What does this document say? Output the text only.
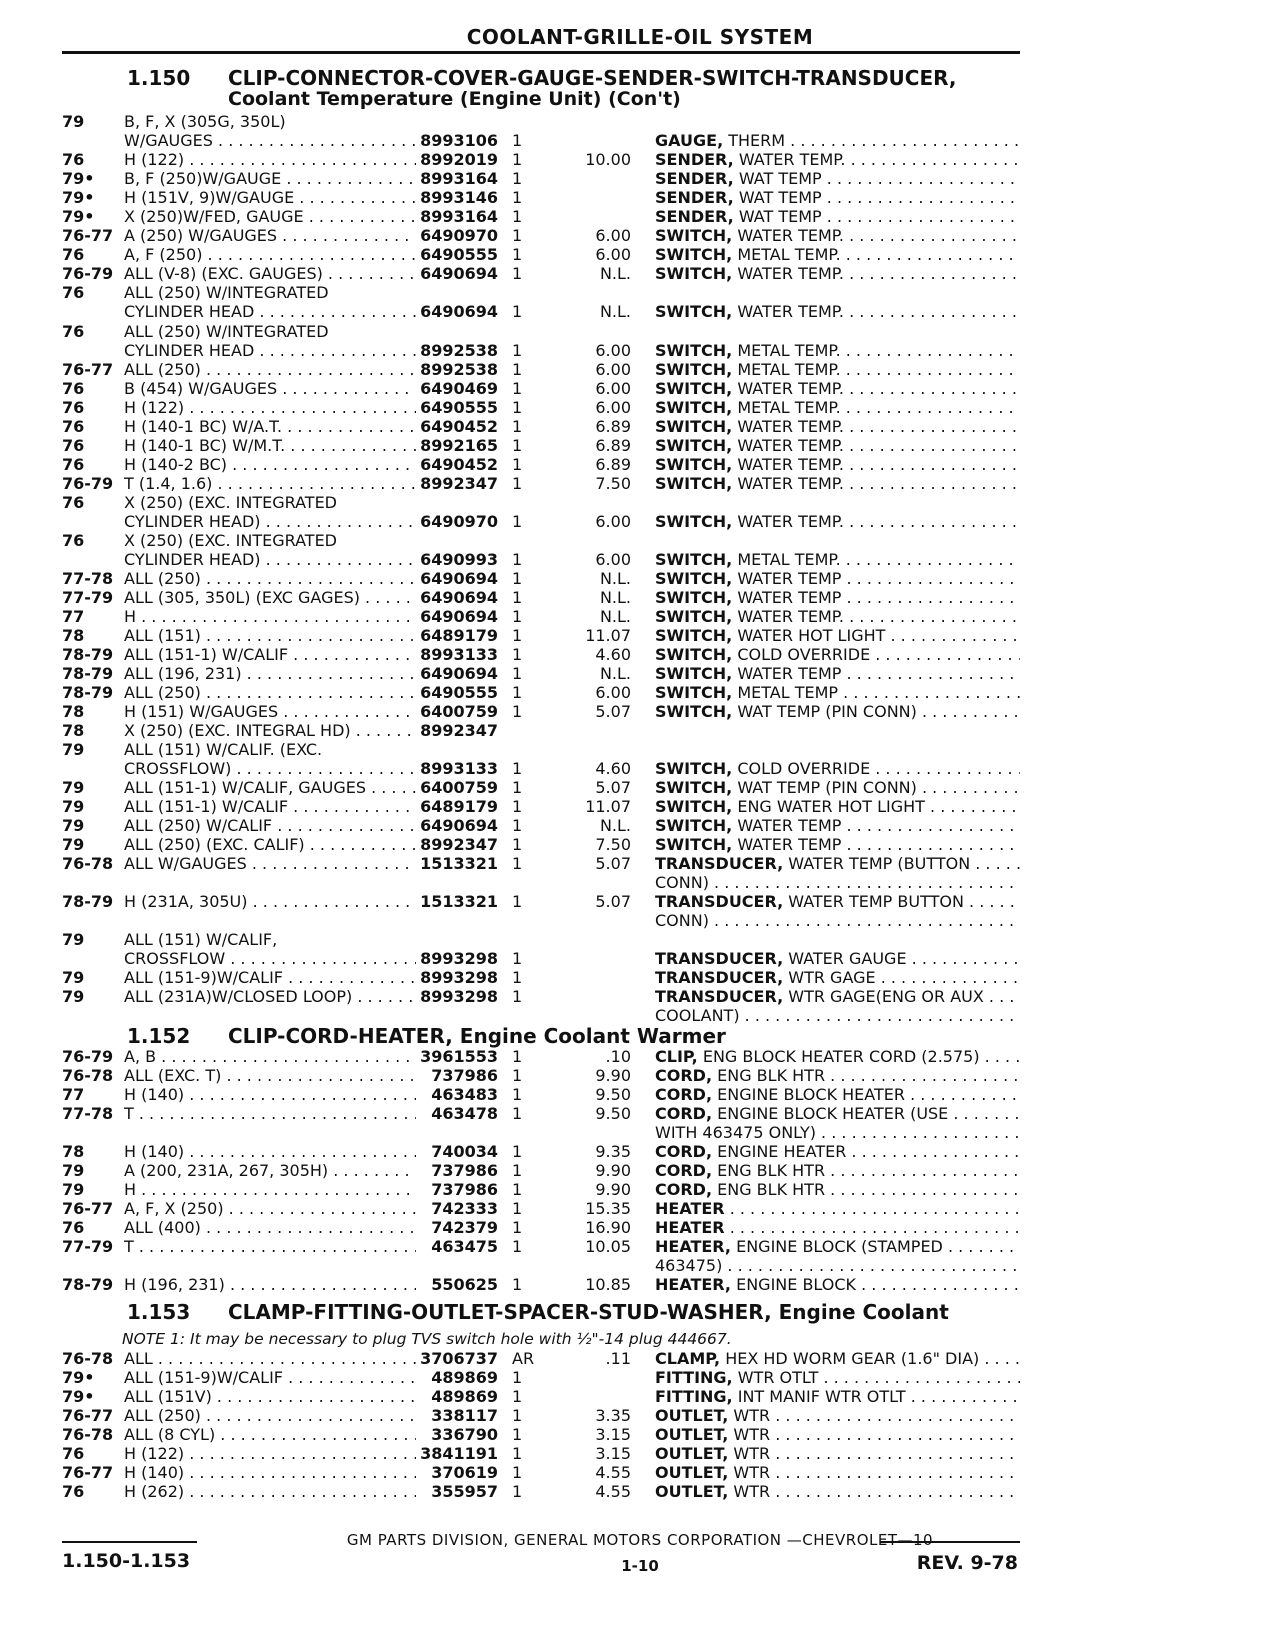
COOLANT-GRILLE-OIL SYSTEM
1.150 CLIP-CONNECTOR-COVER-GAUGE-SENDER-SWITCH-TRANSDUCER,
Coolant Temperature (Engine Unit) (Con't)
1.152 CLIP-CORD-HEATER, Engine Coolant Warmer
1.153 CLAMP-FITTING-OUTLET-SPACER-STUD-WASHER, Engine Coolant
NOTE 1: It may be necessary to plug TVS switch hole with ½"-14 plug 444667.
79 B, F, X (305G, 350L)
W/GAUGES . . .	8993106 1	GAUGE, THERM . . .
76 H (122) . . .	8992019 1	10.00 SENDER, WATER TEMP. . . .
79• B, F (250)W/GAUGE . . .	8993164 1	SENDER, WAT TEMP . . .
79• H (151V, 9)W/GAUGE . . .	8993146 1	SENDER, WAT TEMP . . .
79• X (250)W/FED, GAUGE . . .	8993164 1	SENDER, WAT TEMP . . .
76-77 A (250) W/GAUGES . . .	6490970 1	6.00 SWITCH, WATER TEMP. . . .
76 A, F (250) . . .	6490555 1	6.00 SWITCH, METAL TEMP. . . .
76-79 ALL (V-8) (EXC. GAUGES) . . .	6490694 1	N.L. SWITCH, WATER TEMP. . . .
76 ALL (250) W/INTEGRATED
CYLINDER HEAD . . .	6490694 1	N.L. SWITCH, WATER TEMP. . . .
76 ALL (250) W/INTEGRATED
CYLINDER HEAD . . .	8992538 1	6.00 SWITCH, METAL TEMP. . . .
76-77 ALL (250) . . .	8992538 1	6.00 SWITCH, METAL TEMP. . . .
76 B (454) W/GAUGES . . .	6490469 1	6.00 SWITCH, WATER TEMP. . . .
76 H (122) . . .	6490555 1	6.00 SWITCH, METAL TEMP. . . .
76 H (140-1 BC) W/A.T. . . .	6490452 1	6.89 SWITCH, WATER TEMP. . . .
76 H (140-1 BC) W/M.T. . . .	8992165 1	6.89 SWITCH, WATER TEMP. . . .
76 H (140-2 BC) . . .	6490452 1	6.89 SWITCH, WATER TEMP. . . .
76-79 T (1.4, 1.6) . . .	8992347 1	7.50 SWITCH, WATER TEMP. . . .
76 X (250) (EXC. INTEGRATED
CYLINDER HEAD) . . .	6490970 1	6.00 SWITCH, WATER TEMP. . . .
76 X (250) (EXC. INTEGRATED
CYLINDER HEAD) . . .	6490993 1	6.00 SWITCH, METAL TEMP. . . .
77-78 ALL (250) . . .	6490694 1	N.L. SWITCH, WATER TEMP . . .
77-79 ALL (305, 350L) (EXC GAGES) . . .	6490694 1	N.L. SWITCH, WATER TEMP . . .
77 H . . .	6490694 1	N.L. SWITCH, WATER TEMP. . . .
78 ALL (151) . . .	6489179 1	11.07 SWITCH, WATER HOT LIGHT . . .
78-79 ALL (151-1) W/CALIF . . .	8993133 1	4.60 SWITCH, COLD OVERRIDE . . .
78-79 ALL (196, 231) . . .	6490694 1	N.L. SWITCH, WATER TEMP . . .
78-79 ALL (250) . . .	6490555 1	6.00 SWITCH, METAL TEMP . . .
78 H (151) W/GAUGES . . .	6400759 1	5.07 SWITCH, WAT TEMP (PIN CONN) . . .
78 X (250) (EXC. INTEGRAL HD) . . .	8992347
79 ALL (151) W/CALIF. (EXC.
CROSSFLOW) . . .	8993133 1	4.60 SWITCH, COLD OVERRIDE . . .
79 ALL (151-1) W/CALIF, GAUGES . . .	6400759 1	5.07 SWITCH, WAT TEMP (PIN CONN) . . .
79 ALL (151-1) W/CALIF . . .	6489179 1	11.07 SWITCH, ENG WATER HOT LIGHT . . .
79 ALL (250) W/CALIF . . .	6490694 1	N.L. SWITCH, WATER TEMP . . .
79 ALL (250) (EXC. CALIF) . . .	8992347 1	7.50 SWITCH, WATER TEMP . . .
76-78 ALL W/GAUGES . . .	1513321 1	5.07 TRANSDUCER, WATER TEMP (BUTTON . . .
CONN) . . .
78-79 H (231A, 305U) . . .	1513321 1	5.07 TRANSDUCER, WATER TEMP BUTTON . . .
CONN) . . .
79 ALL (151) W/CALIF,
CROSSFLOW . . .	8993298 1	TRANSDUCER, WATER GAUGE . . .
79 ALL (151-9)W/CALIF . . .	8993298 1	TRANSDUCER, WTR GAGE . . .
79 ALL (231A)W/CLOSED LOOP) . . .	8993298 1	TRANSDUCER, WTR GAGE(ENG OR AUX . . .
COOLANT) . . .
76-79 A, B . . .	3961553 1	.10 CLIP, ENG BLOCK HEATER CORD (2.575) . . .
76-78 ALL (EXC. T) . . .	737986 1	9.90 CORD, ENG BLK HTR . . .
77 H (140) . . .	463483 1	9.50 CORD, ENGINE BLOCK HEATER . . .
77-78 T . . .	463478 1	9.50 CORD, ENGINE BLOCK HEATER (USE . . .
WITH 463475 ONLY) . . .
78 H (140) . . .	740034 1	9.35 CORD, ENGINE HEATER . . .
79 A (200, 231A, 267, 305H) . . .	737986 1	9.90 CORD, ENG BLK HTR . . .
79 H . . .	737986 1	9.90 CORD, ENG BLK HTR . . .
76-77 A, F, X (250) . . .	742333 1	15.35 HEATER . . .
76 ALL (400) . . .	742379 1	16.90 HEATER . . .
77-79 T . . .	463475 1	10.05 HEATER, ENGINE BLOCK (STAMPED . . .
463475) . . .
78-79 H (196, 231) . . .	550625 1	10.85 HEATER, ENGINE BLOCK . . .
76-78 ALL . . .	3706737 AR	.11 CLAMP, HEX HD WORM GEAR (1.6" DIA) . . .
79• ALL (151-9)W/CALIF . . .	489869 1	FITTING, WTR OTLT . . .
79• ALL (151V) . . .	489869 1	FITTING, INT MANIF WTR OTLT . . .
76-77 ALL (250) . . .	338117 1	3.35 OUTLET, WTR . . .
76-78 ALL (8 CYL) . . .	336790 1	3.15 OUTLET, WTR . . .
76 H (122) . . .	3841191 1	3.15 OUTLET, WTR . . .
76-77 H (140) . . .	370619 1	4.55 OUTLET, WTR . . .
76 H (262) . . .	355957 1	4.55 OUTLET, WTR . . .
GM PARTS DIVISION, GENERAL MOTORS CORPORATION —CHEVROLET—10
1.150-1.153	1-10	REV. 9-78
